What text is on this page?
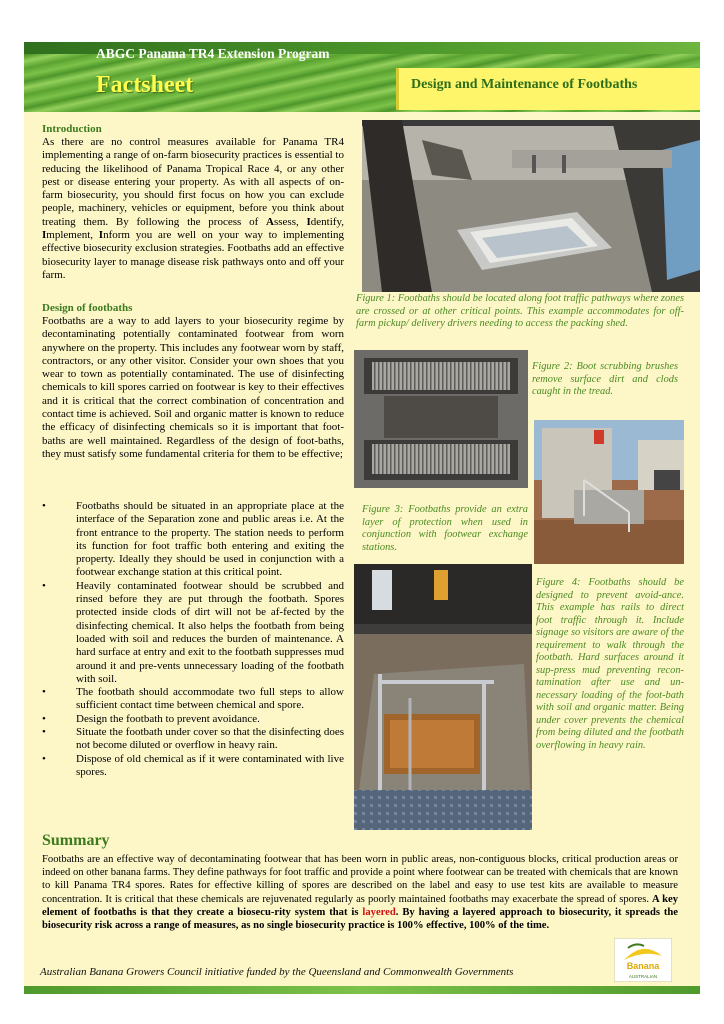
ABGC Panama TR4 Extension Program
Factsheet	Design and Maintenance of Footbaths
Introduction

As there are no control measures available for Panama TR4 implementing a range of on-farm biosecurity practices is essential to reducing the likelihood of Panama Tropical Race 4, or any other pest or disease entering your property. As with all aspects of on-farm biosecurity, you should first focus on how you can exclude people, machinery, vehicles or equipment, before you think about treating them. By following the process of Assess, Identify, Implement, Inform you are well on your way to implementing effective biosecurity exclusion strategies. Footbaths add an effective biosecurity layer to manage disease risk pathways onto and off your farm.

Design of footbaths

Footbaths are a way to add layers to your biosecurity regime by decontaminating potentially contaminated footwear from worn anywhere on the property. This includes any footwear worn by staff, contractors, or any other visitor. Consider your own shoes that you wear to town as potentially contaminated. The use of disinfecting chemicals to kill spores carried on footwear is key to their effectives and it is critical that the correct combination of concentration and contact time is achieved. Soil and organic matter is known to reduce the efficacy of disinfecting chemicals so it is important that foot-baths are well maintained. Regardless of the design of foot-baths, they must satisfy some fundamental criteria for them to be effective;

•	Footbaths should be situated in an appropriate place at the interface of the Separation zone and public areas i.e. At the front entrance to the property. The station needs to perform its function for foot traffic both entering and exiting the property. Ideally they should be used in conjunction with a footwear exchange station at this critical point.
•	Heavily contaminated footwear should be scrubbed and rinsed before they are put through the footbath. Spores protected inside clods of dirt will not be af-fected by the disinfecting chemical. It also helps the footbath from being loaded with soil and reduces the burden of maintenance. A hard surface at entry and exit to the footbath suppresses mud around it and pre-vents unnecessary loading of the footbath with soil.
•	The footbath should accommodate two full steps to allow sufficient contact time between chemical and spore.
•	Design the footbath to prevent avoidance.
•	Situate the footbath under cover so that the disinfecting does not become diluted or overflow in heavy rain.
•	Dispose of old chemical as if it were contaminated with live spores.

Figure 1: Footbaths should be located along foot traffic pathways where zones are crossed or at other critical points. This example accommodates for off-farm pickup/ delivery drivers needing to access the packing shed.

Figure 2: Boot scrubbing brushes remove surface dirt and clods caught in the tread.

Figure 3: Footbaths provide an extra layer of protection when used in conjunction with footwear exchange stations.

Figure 4: Footbaths should be designed to prevent avoid-ance. This example has rails to direct foot traffic through it. Include signage so visitors are aware of the requirement to walk through the footbath. Hard surfaces around it sup-press mud preventing recon-tamination after use and un-necessary loading of the foot-bath with soil and organic matter. Being under cover prevents the chemical from being diluted and the footbath overflowing in heavy rain.

Summary

Footbaths are an effective way of decontaminating footwear that has been worn in public areas, non-contiguous blocks, critical production areas or indeed on other banana farms. They define pathways for foot traffic and provide a point where footwear can be treated with chemicals that are known to kill Panama TR4 spores. Rates for effective killing of spores are described on the label and easy to use test kits are available to measure concentration. It is critical that these chemicals are rejuvenated regularly as poorly maintained footbaths may exacerbate the spread of spores. A key element of footbaths is that they create a biosecu-rity system that is layered. By having a layered approach to biosecurity, it spreads the biosecurity risk across a range of measures, as no single biosecurity practice is 100% effective, 100% of the time.

Australian Banana Growers Council initiative funded by the Queensland and Commonwealth Governments	Banana
AUSTRALIAN
